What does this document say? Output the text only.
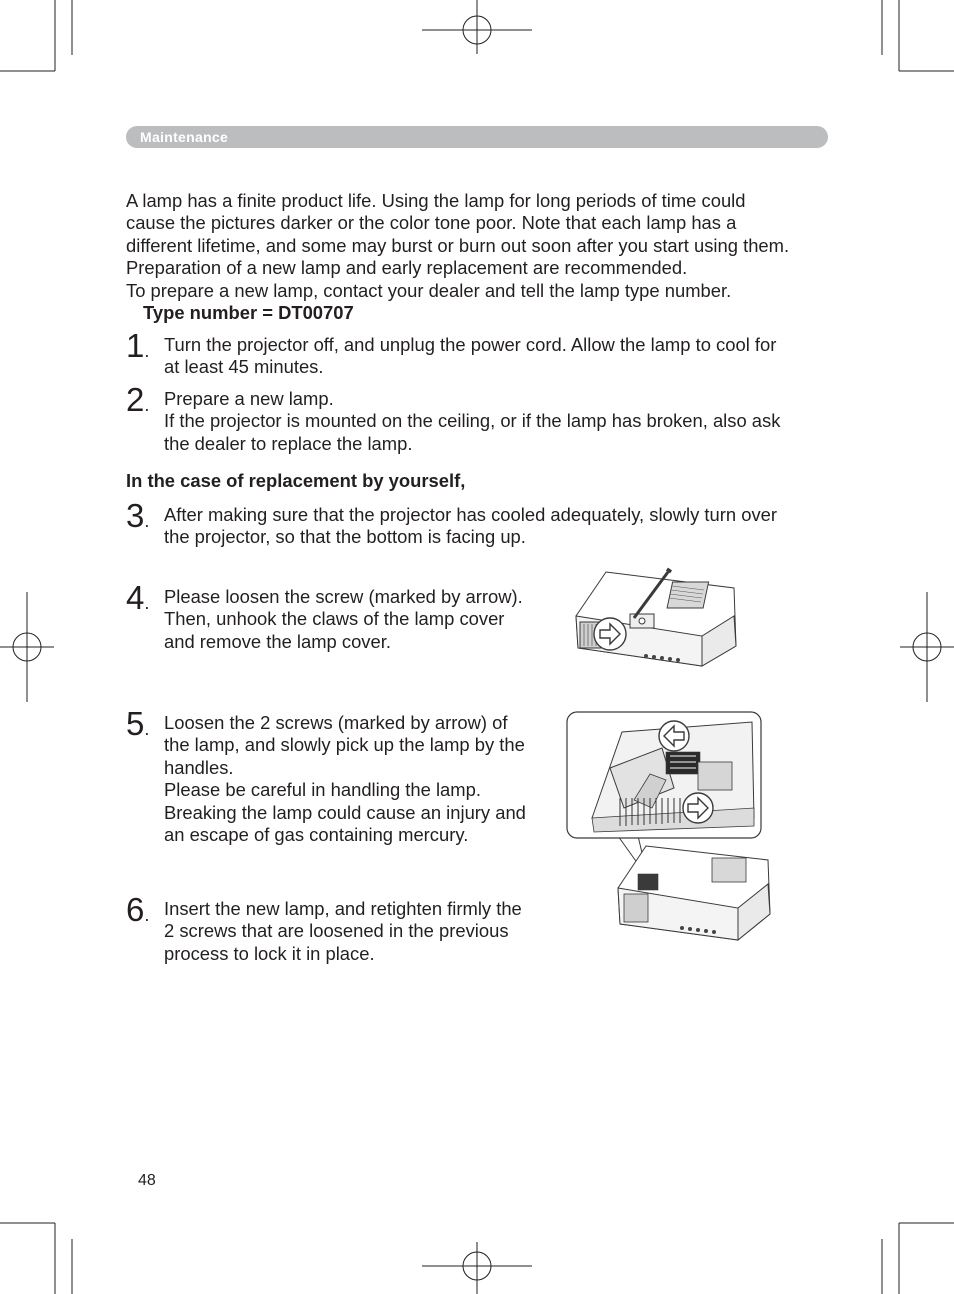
Maintenance

A lamp has a finite product life. Using the lamp for long periods of time could

cause the pictures darker or the color tone poor. Note that each lamp has a

different lifetime, and some may burst or burn out soon after you start using them.

Preparation of a new lamp and early replacement are recommended.

To prepare a new lamp, contact your dealer and tell the lamp type number.

Type number = DT00707
1. Turn the projector off, and unplug the power cord. Allow the lamp to cool for
at least 45 minutes.
2. Prepare a new lamp.
If the projector is mounted on the ceiling, or if the lamp has broken, also ask
the dealer to replace the lamp.
In the case of replacement by yourself,
3. After making sure that the projector has cooled adequately, slowly turn over
the projector, so that the bottom is facing up.
4. Please loosen the screw (marked by arrow).
Then, unhook the claws of the lamp cover
and remove the lamp cover.
5. Loosen the 2 screws (marked by arrow) of
the lamp, and slowly pick up the lamp by the
handles.
Please be careful in handling the lamp.
Breaking the lamp could cause an injury and
an escape of gas containing mercury.
6. Insert the new lamp, and retighten firmly the
2 screws that are loosened in the previous
process to lock it in place.
48
